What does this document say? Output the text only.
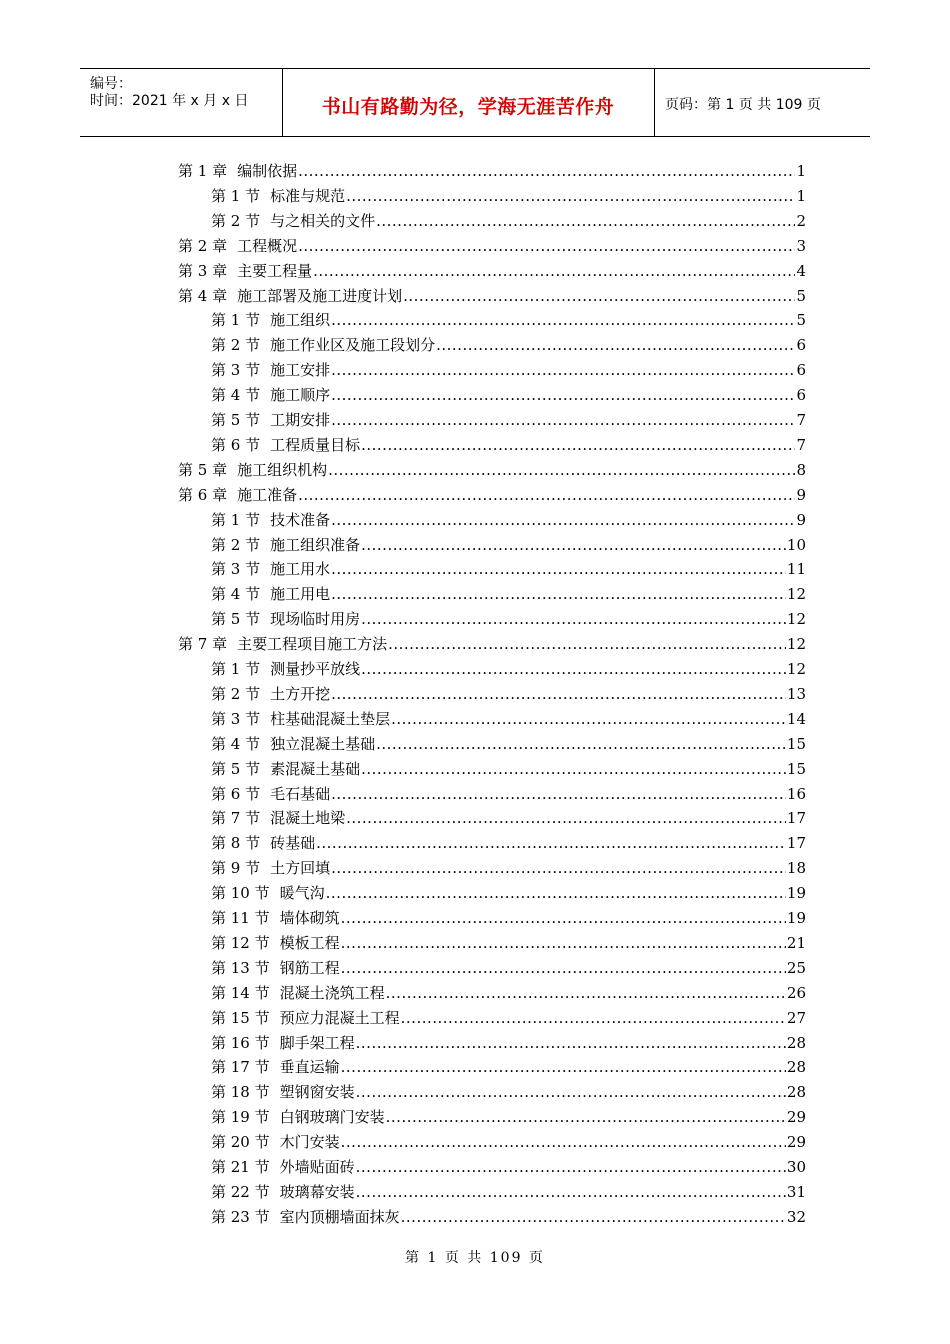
编号：
时间：2021 年 x 月 x 日	书山有路勤为径，学海无涯苦作舟	页码：第 1 页 共 109 页
第 1 章 编制依据 .....	1
第 1 节 标准与规范 .....	1
第 2 节 与之相关的文件 .....	2
第 2 章 工程概况 .....	3
第 3 章 主要工程量 .....	4
第 4 章 施工部署及施工进度计划 .....	5
第 1 节 施工组织 .....	5
第 2 节 施工作业区及施工段划分 .....	6
第 3 节 施工安排 .....	6
第 4 节 施工顺序 .....	6
第 5 节 工期安排 .....	7
第 6 节 工程质量目标 .....	7
第 5 章 施工组织机构 .....	8
第 6 章 施工准备 .....	9
第 1 节 技术准备 .....	9
第 2 节 施工组织准备 .....	10
第 3 节 施工用水 .....	11
第 4 节 施工用电 .....	12
第 5 节 现场临时用房 .....	12
第 7 章 主要工程项目施工方法 .....	12
第 1 节 测量抄平放线 .....	12
第 2 节 土方开挖 .....	13
第 3 节 柱基础混凝土垫层 .....	14
第 4 节 独立混凝土基础 .....	15
第 5 节 素混凝土基础 .....	15
第 6 节 毛石基础 .....	16
第 7 节 混凝土地梁 .....	17
第 8 节 砖基础 .....	17
第 9 节 土方回填 .....	18
第 10 节 暖气沟 .....	19
第 11 节 墙体砌筑 .....	19
第 12 节 模板工程 .....	21
第 13 节 钢筋工程 .....	25
第 14 节 混凝土浇筑工程 .....	26
第 15 节 预应力混凝土工程 .....	27
第 16 节 脚手架工程 .....	28
第 17 节 垂直运输 .....	28
第 18 节 塑钢窗安装 .....	28
第 19 节 白钢玻璃门安装 .....	29
第 20 节 木门安装 .....	29
第 21 节 外墙贴面砖 .....	30
第 22 节 玻璃幕安装 .....	31
第 23 节 室内顶棚墙面抹灰 .....	32
第 1 页 共 109 页
